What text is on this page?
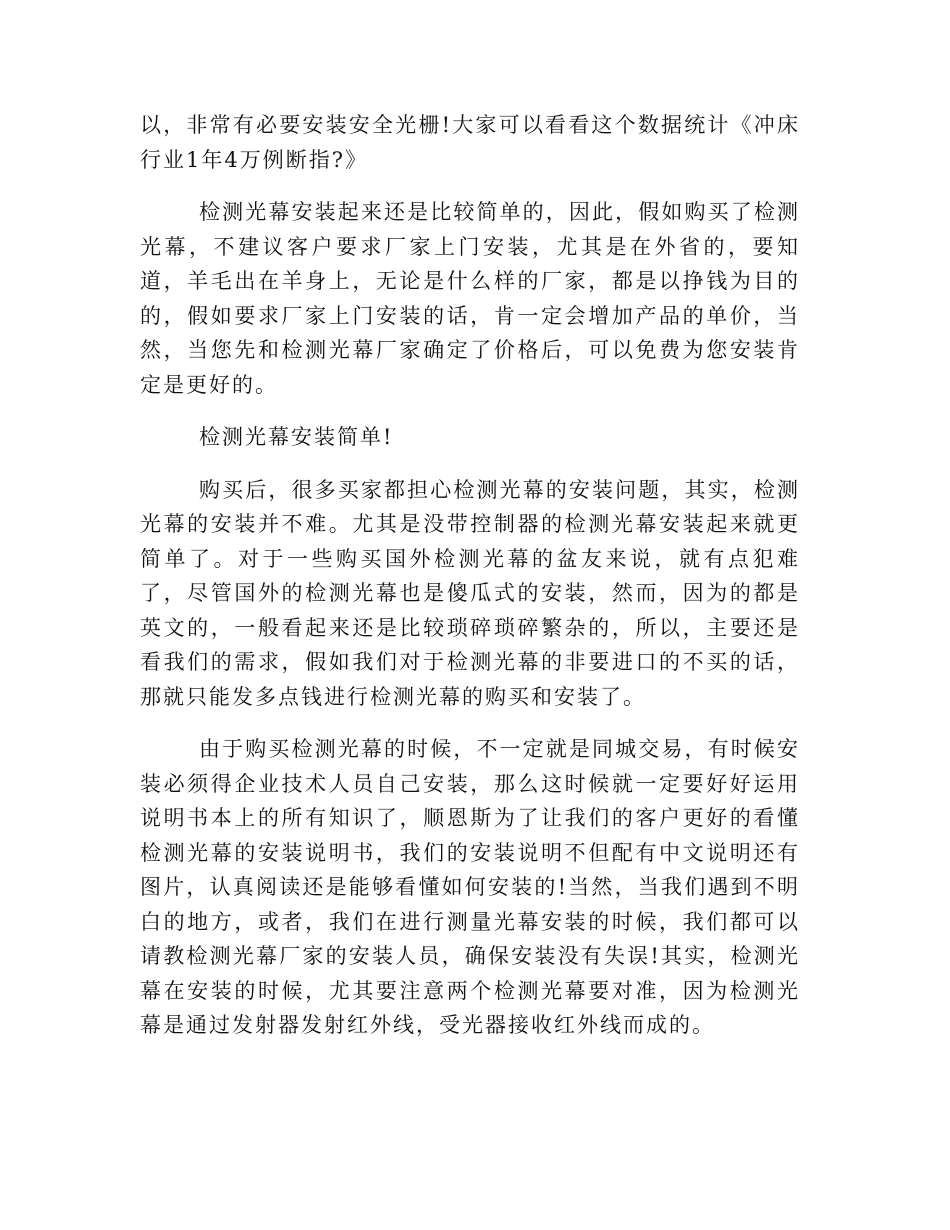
以，非常有必要安装安全光栅!大家可以看看这个数据统计《冲床行业1年4万例断指?》

检测光幕安装起来还是比较简单的，因此，假如购买了检测光幕，不建议客户要求厂家上门安装，尤其是在外省的，要知道，羊毛出在羊身上，无论是什么样的厂家，都是以挣钱为目的的，假如要求厂家上门安装的话，肯一定会增加产品的单价，当然，当您先和检测光幕厂家确定了价格后，可以免费为您安装肯定是更好的。

检测光幕安装简单!

购买后，很多买家都担心检测光幕的安装问题，其实，检测光幕的安装并不难。尤其是没带控制器的检测光幕安装起来就更简单了。对于一些购买国外检测光幕的盆友来说，就有点犯难了，尽管国外的检测光幕也是傻瓜式的安装，然而，因为的都是英文的，一般看起来还是比较琐碎琐碎繁杂的，所以，主要还是看我们的需求，假如我们对于检测光幕的非要进口的不买的话，那就只能发多点钱进行检测光幕的购买和安装了。

由于购买检测光幕的时候，不一定就是同城交易，有时候安装必须得企业技术人员自己安装，那么这时候就一定要好好运用说明书本上的所有知识了，顺恩斯为了让我们的客户更好的看懂检测光幕的安装说明书，我们的安装说明不但配有中文说明还有图片，认真阅读还是能够看懂如何安装的!当然，当我们遇到不明白的地方，或者，我们在进行测量光幕安装的时候，我们都可以请教检测光幕厂家的安装人员，确保安装没有失误!其实，检测光幕在安装的时候，尤其要注意两个检测光幕要对准，因为检测光幕是通过发射器发射红外线，受光器接收红外线而成的。
